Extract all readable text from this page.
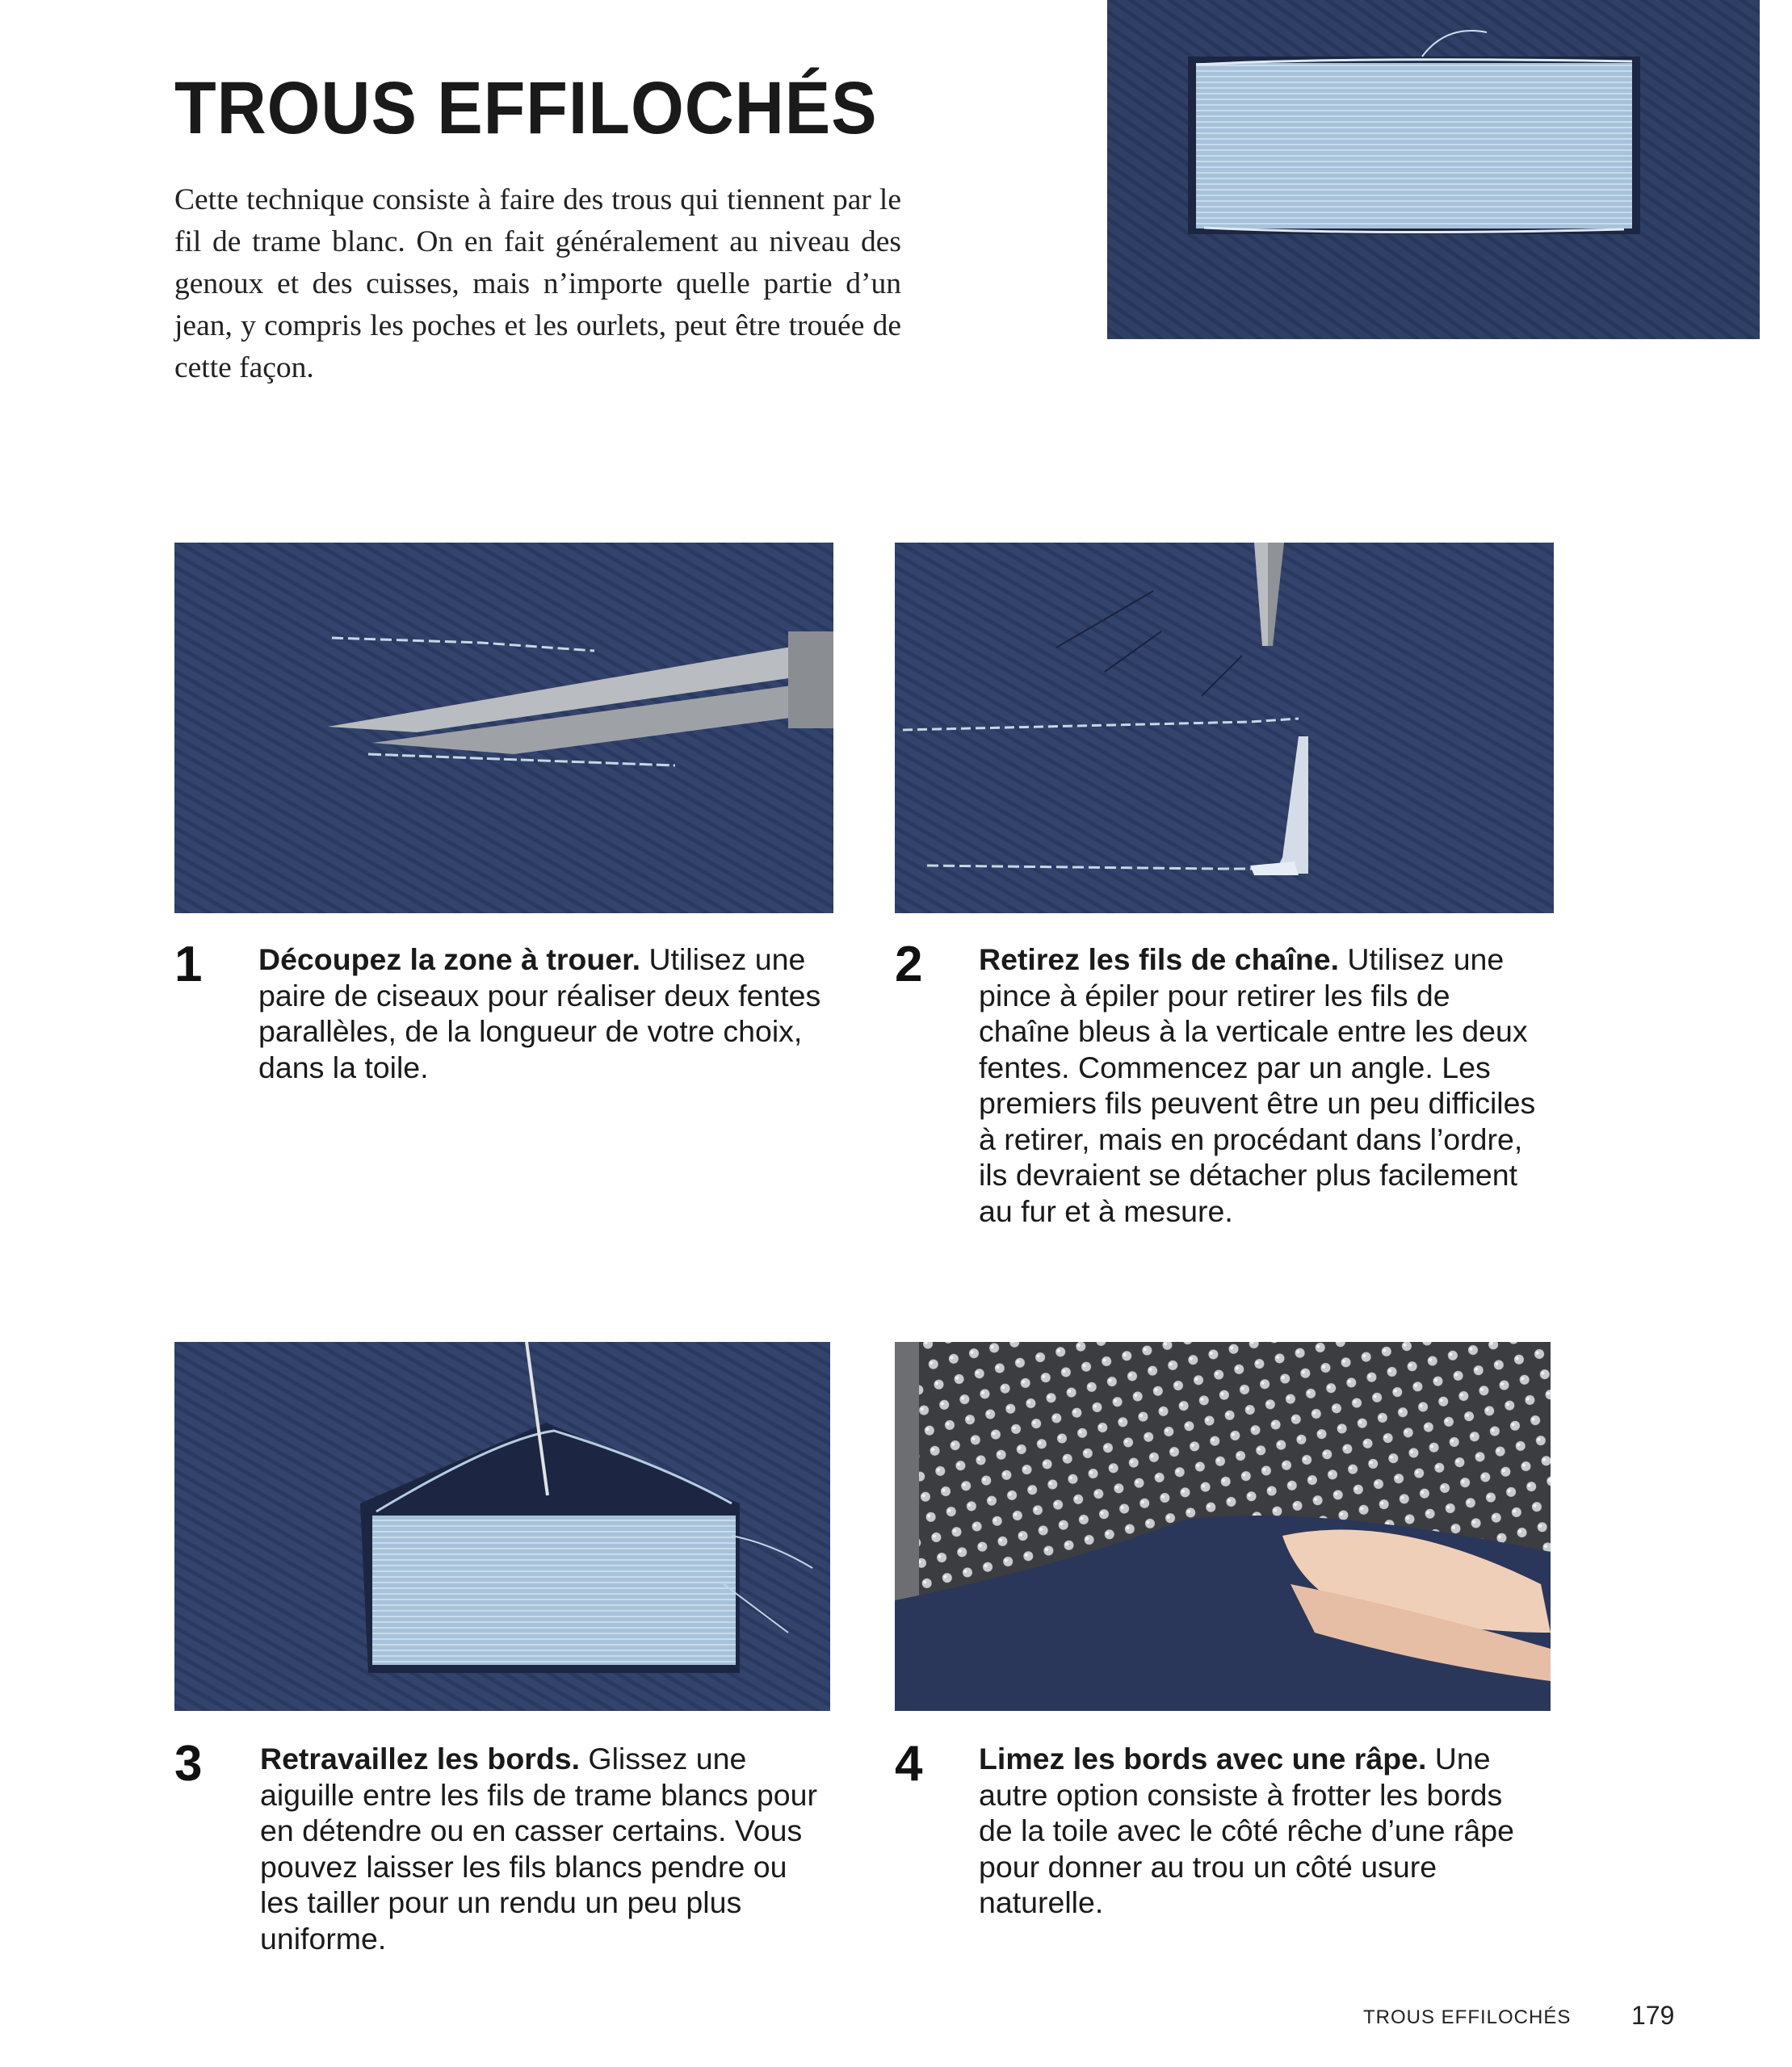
TROUS EFFILOCHÉS

Cette technique consiste à faire des trous qui tiennent par le fil de trame blanc. On en fait généralement au niveau des genoux et des cuisses, mais n’importe quelle partie d’un jean, y compris les poches et les ourlets, peut être trouée de cette façon.

1 Découpez la zone à trouer. Utilisez une paire de ciseaux pour réaliser deux fentes parallèles, de la longueur de votre choix, dans la toile.
2 Retirez les fils de chaîne. Utilisez une pince à épiler pour retirer les fils de chaîne bleus à la verticale entre les deux fentes. Commencez par un angle. Les premiers fils peuvent être un peu difficiles à retirer, mais en procédant dans l’ordre, ils devraient se détacher plus facilement au fur et à mesure.
3 Retravaillez les bords. Glissez une aiguille entre les fils de trame blancs pour en détendre ou en casser certains. Vous pouvez laisser les fils blancs pendre ou les tailler pour un rendu un peu plus uniforme.
4 Limez les bords avec une râpe. Une autre option consiste à frotter les bords de la toile avec le côté rêche d’une râpe pour donner au trou un côté usure naturelle.
TROUS EFFILOCHÉS 179
